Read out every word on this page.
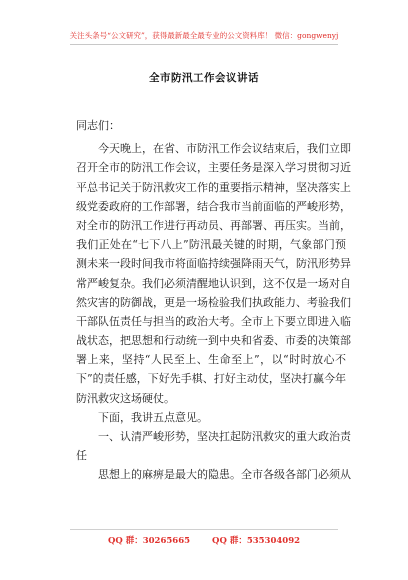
关注头条号“公文研究”，获得最新最全最专业的公文资料库！ 微信：gongwenyj
全市防汛工作会议讲话
同志们：
今天晚上，在省、市防汛工作会议结束后，我们立即
召开全市的防汛工作会议，主要任务是深入学习贯彻习近
平总书记关于防汛救灾工作的重要指示精神，坚决落实上
级党委政府的工作部署，结合我市当前面临的严峻形势，
对全市的防汛工作进行再动员、再部署、再压实。当前，
我们正处在“七下八上”防汛最关键的时期，气象部门预
测未来一段时间我市将面临持续强降雨天气，防汛形势异
常严峻复杂。我们必须清醒地认识到，这不仅是一场对自
然灾害的防御战，更是一场检验我们执政能力、考验我们
干部队伍责任与担当的政治大考。全市上下要立即进入临
战状态，把思想和行动统一到中央和省委、市委的决策部
署上来，坚持“人民至上、生命至上”，以“时时放心不
下”的责任感，下好先手棋、打好主动仗，坚决打赢今年
防汛救灾这场硬仗。
下面，我讲五点意见。
一、认清严峻形势，坚决扛起防汛救灾的重大政治责
任
思想上的麻痹是最大的隐患。全市各级各部门必须从
QQ 群：30265665	QQ 群：535304092
